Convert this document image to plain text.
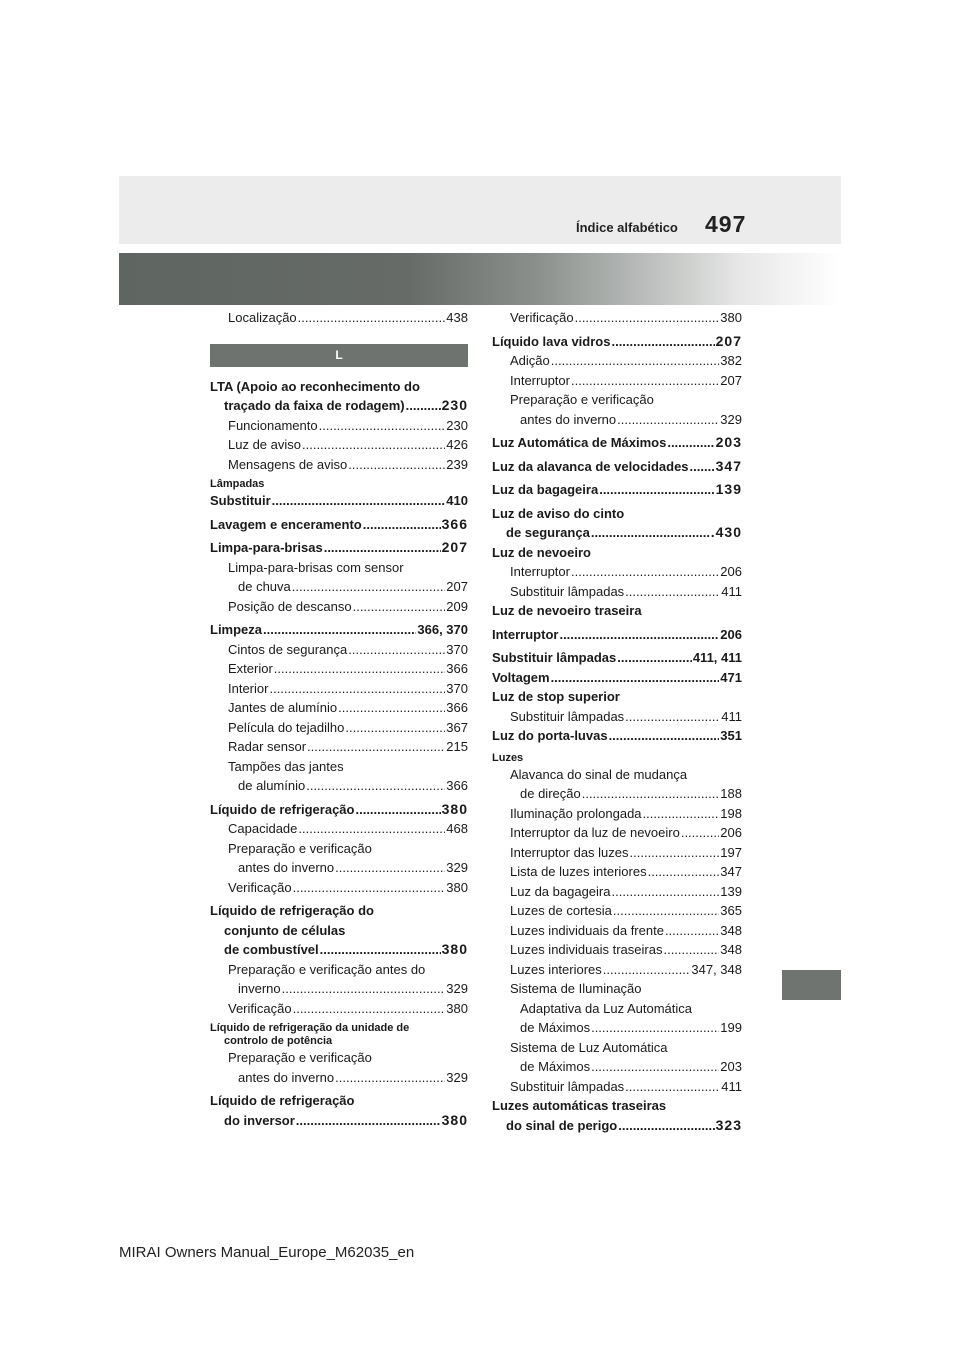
Índice alfabético 497
Localização .....	438
L
LTA (Apoio ao reconhecimento do
traçado da faixa de rodagem) .....	230
Funcionamento .....	230
Luz de aviso .....	426
Mensagens de aviso .....	239
Lâmpadas
Substituir .....	410
Lavagem e enceramento .....	366
Limpa-para-brisas .....	207
Limpa-para-brisas com sensor
de chuva .....	207
Posição de descanso .....	209
Limpeza .....	366, 370
Cintos de segurança .....	370
Exterior .....	366
Interior .....	370
Jantes de alumínio .....	366
Película do tejadilho .....	367
Radar sensor .....	215
Tampões das jantes
de alumínio .....	366
Líquido de refrigeração .....	380
Capacidade .....	468
Preparação e verificação
antes do inverno .....	329
Verificação .....	380
Líquido de refrigeração do
conjunto de células
de combustível .....	380
Preparação e verificação antes do
inverno .....	329
Verificação .....	380
Líquido de refrigeração da unidade de
controlo de potência
Preparação e verificação
antes do inverno .....	329
Líquido de refrigeração
do inversor .....	380
Verificação .....	380
Líquido lava vidros .....	207
Adição .....	382
Interruptor .....	207
Preparação e verificação
antes do inverno .....	329
Luz Automática de Máximos .....	203
Luz da alavanca de velocidades ..... 347
Luz da bagageira .....	139
Luz de aviso do cinto
de segurança .....	.430
Luz de nevoeiro
Interruptor .....	206
Substituir lâmpadas .....	411
Luz de nevoeiro traseira
Interruptor .....	206
Substituir lâmpadas .....	411, 411
Voltagem .....	471
Luz de stop superior
Substituir lâmpadas .....	411
Luz do porta-luvas .....	351
Luzes
Alavanca do sinal de mudança
de direção .....	188
Iluminação prolongada .....	198
Interruptor da luz de nevoeiro .....	206
Interruptor das luzes .....	197
Lista de luzes interiores .....	347
Luz da bagageira .....	139
Luzes de cortesia .....	365
Luzes individuais da frente .....	348
Luzes individuais traseiras .....	348
Luzes interiores .....	347, 348
Sistema de Iluminação
Adaptativa da Luz Automática
de Máximos .....	199
Sistema de Luz Automática
de Máximos .....	203
Substituir lâmpadas .....	411
Luzes automáticas traseiras
do sinal de perigo .....	323
MIRAI Owners Manual_Europe_M62035_en
